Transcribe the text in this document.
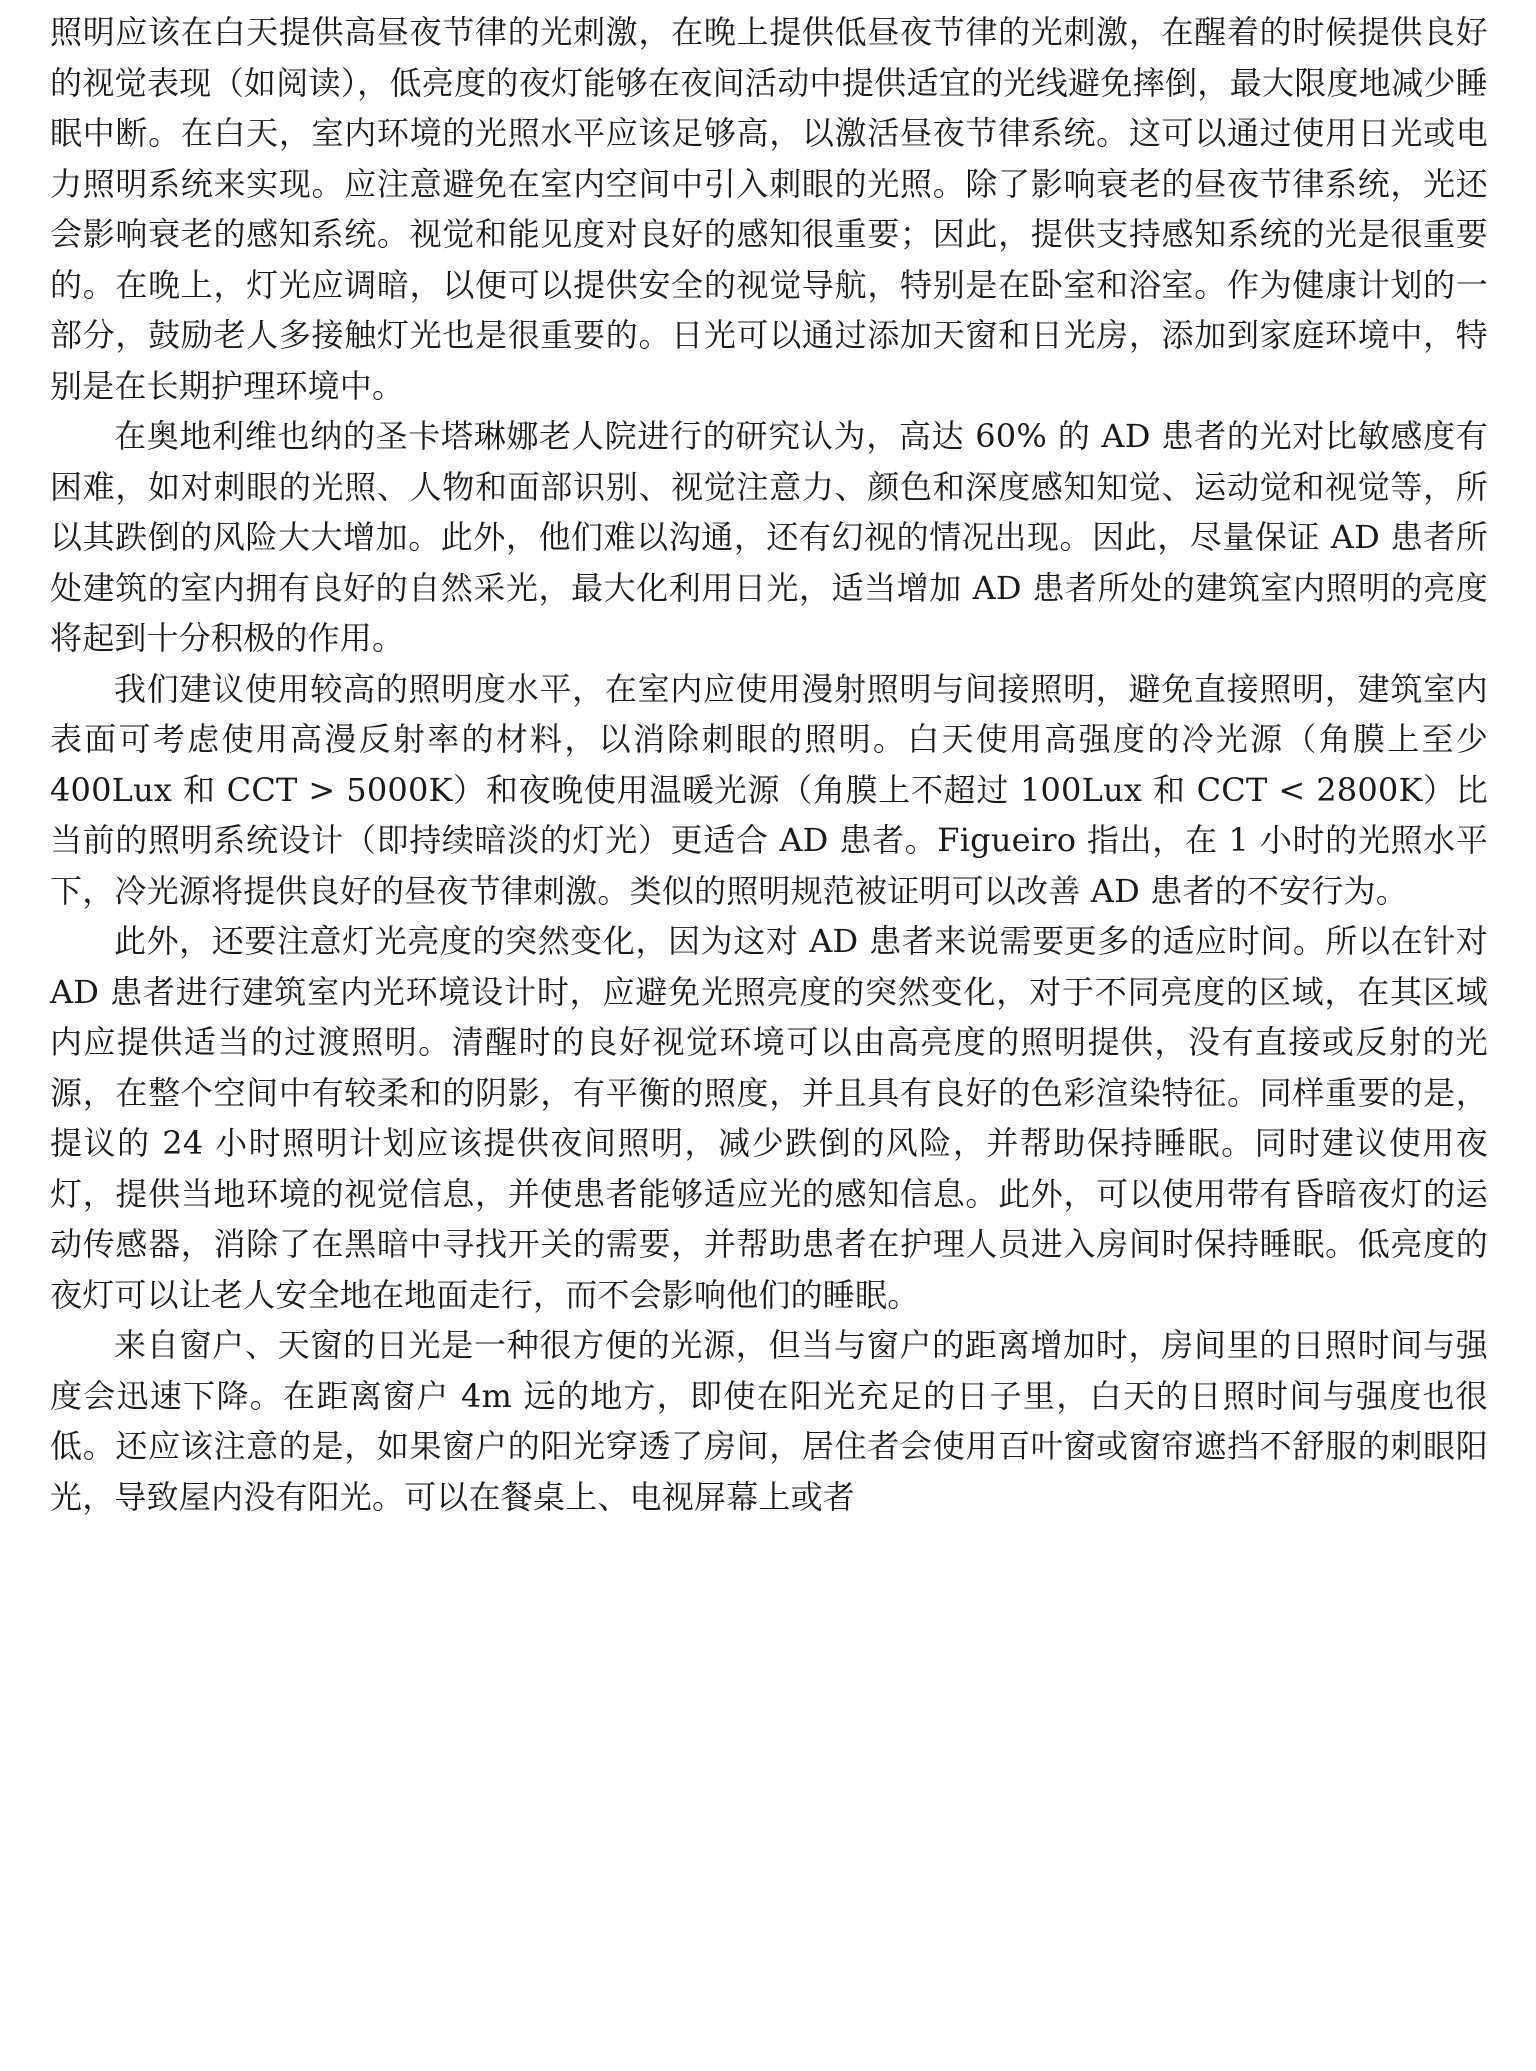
照明应该在白天提供高昼夜节律的光刺激，在晚上提供低昼夜节律的光刺激，在醒着的时候提供良好的视觉表现（如阅读），低亮度的夜灯能够在夜间活动中提供适宜的光线避免摔倒，最大限度地减少睡眠中断。在白天，室内环境的光照水平应该足够高，以激活昼夜节律系统。这可以通过使用日光或电力照明系统来实现。应注意避免在室内空间中引入刺眼的光照。除了影响衰老的昼夜节律系统，光还会影响衰老的感知系统。视觉和能见度对良好的感知很重要；因此，提供支持感知系统的光是很重要的。在晚上，灯光应调暗，以便可以提供安全的视觉导航，特别是在卧室和浴室。作为健康计划的一部分，鼓励老人多接触灯光也是很重要的。日光可以通过添加天窗和日光房，添加到家庭环境中，特别是在长期护理环境中。

在奥地利维也纳的圣卡塔琳娜老人院进行的研究认为，高达 60% 的 AD 患者的光对比敏感度有困难，如对刺眼的光照、人物和面部识别、视觉注意力、颜色和深度感知知觉、运动觉和视觉等，所以其跌倒的风险大大增加。此外，他们难以沟通，还有幻视的情况出现。因此，尽量保证 AD 患者所处建筑的室内拥有良好的自然采光，最大化利用日光，适当增加 AD 患者所处的建筑室内照明的亮度将起到十分积极的作用。

我们建议使用较高的照明度水平，在室内应使用漫射照明与间接照明，避免直接照明，建筑室内表面可考虑使用高漫反射率的材料，以消除刺眼的照明。白天使用高强度的冷光源（角膜上至少 400Lux 和 CCT > 5000K）和夜晚使用温暖光源（角膜上不超过 100Lux 和 CCT < 2800K）比当前的照明系统设计（即持续暗淡的灯光）更适合 AD 患者。Figueiro 指出，在 1 小时的光照水平下，冷光源将提供良好的昼夜节律刺激。类似的照明规范被证明可以改善 AD 患者的不安行为。

此外，还要注意灯光亮度的突然变化，因为这对 AD 患者来说需要更多的适应时间。所以在针对 AD 患者进行建筑室内光环境设计时，应避免光照亮度的突然变化，对于不同亮度的区域，在其区域内应提供适当的过渡照明。清醒时的良好视觉环境可以由高亮度的照明提供，没有直接或反射的光源，在整个空间中有较柔和的阴影，有平衡的照度，并且具有良好的色彩渲染特征。同样重要的是，提议的 24 小时照明计划应该提供夜间照明，减少跌倒的风险，并帮助保持睡眠。同时建议使用夜灯，提供当地环境的视觉信息，并使患者能够适应光的感知信息。此外，可以使用带有昏暗夜灯的运动传感器，消除了在黑暗中寻找开关的需要，并帮助患者在护理人员进入房间时保持睡眠。低亮度的夜灯可以让老人安全地在地面走行，而不会影响他们的睡眠。

来自窗户、天窗的日光是一种很方便的光源，但当与窗户的距离增加时，房间里的日照时间与强度会迅速下降。在距离窗户 4m 远的地方，即使在阳光充足的日子里，白天的日照时间与强度也很低。还应该注意的是，如果窗户的阳光穿透了房间，居住者会使用百叶窗或窗帘遮挡不舒服的刺眼阳光，导致屋内没有阳光。可以在餐桌上、电视屏幕上或者
